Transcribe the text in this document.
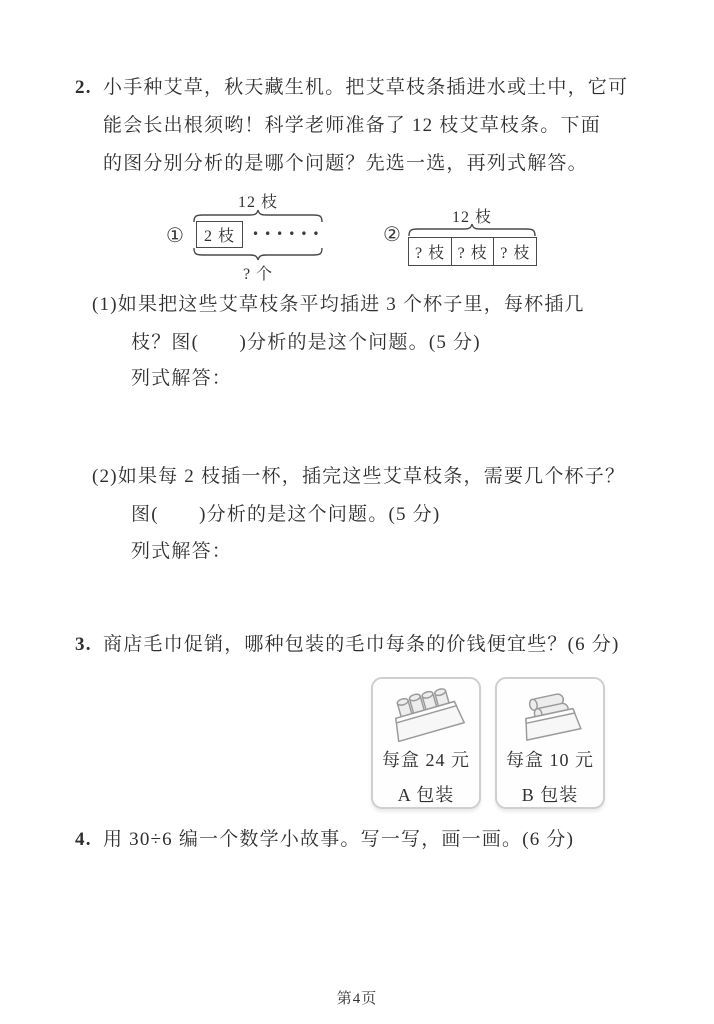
2. 小手种艾草，秋天藏生机。把艾草枝条插进水或土中，它可
能会长出根须哟！科学老师准备了 12 枝艾草枝条。下面
的图分别分析的是哪个问题？先选一选，再列式解答。
12 枝
①	2 枝	••••••
? 个
②
12 枝
? 枝 ? 枝 ? 枝
(1)如果把这些艾草枝条平均插进 3 个杯子里，每杯插几
枝？图(　　)分析的是这个问题。(5 分)
列式解答：
(2)如果每 2 枝插一杯，插完这些艾草枝条，需要几个杯子？
图(　　)分析的是这个问题。(5 分)
列式解答：
3. 商店毛巾促销，哪种包装的毛巾每条的价钱便宜些？(6 分)
每盒 24 元
A 包装
每盒 10 元
B 包装
4. 用 30÷6 编一个数学小故事。写一写，画一画。(6 分)
第4页
